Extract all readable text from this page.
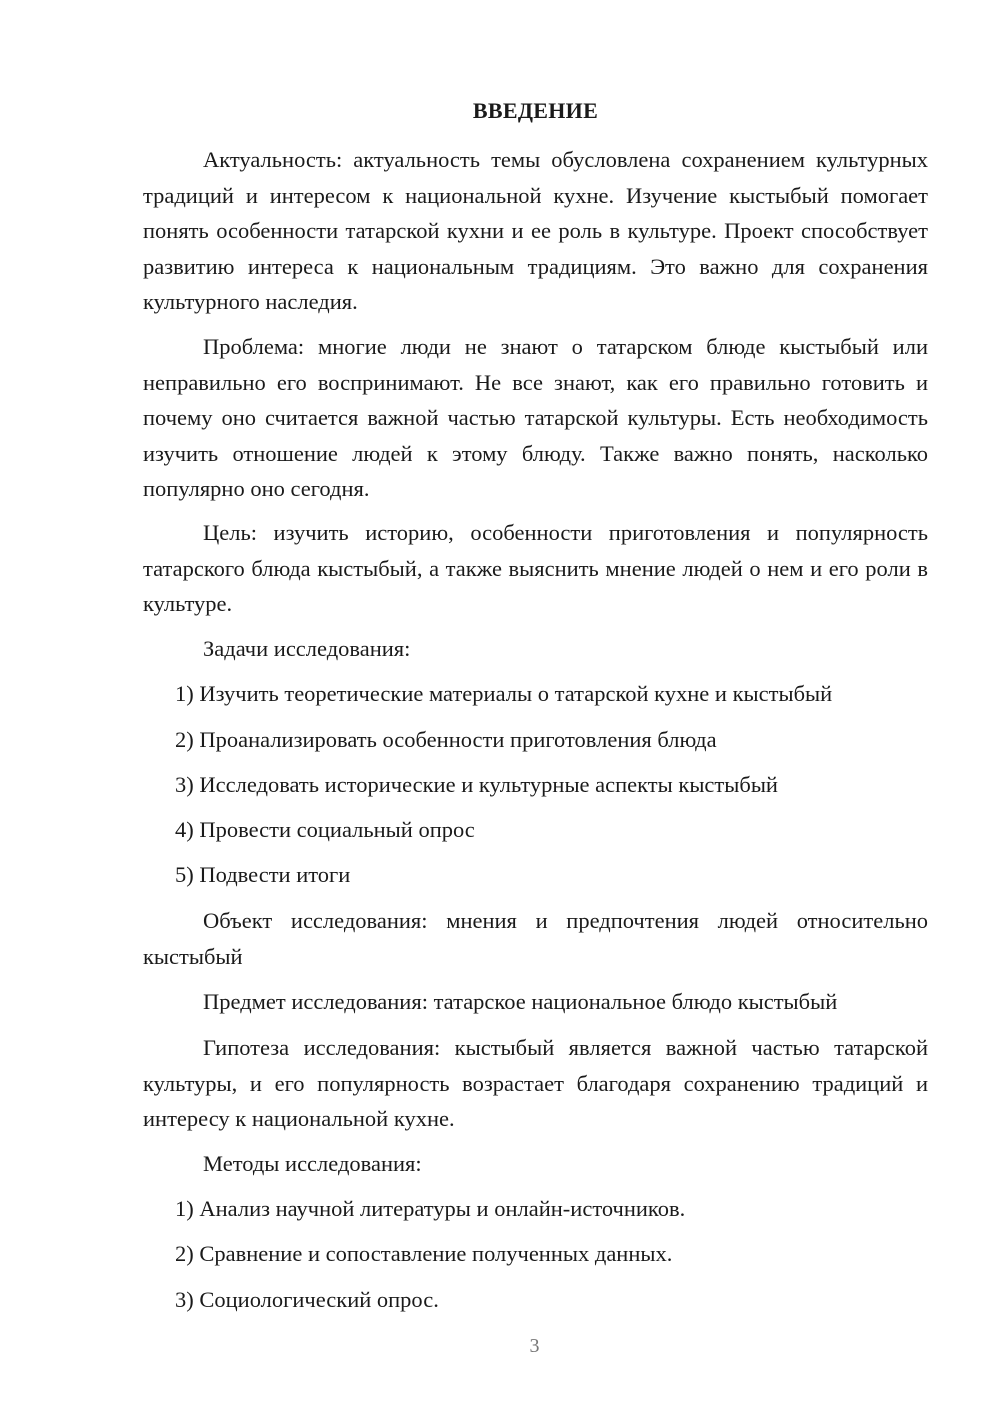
ВВЕДЕНИЕ

Актуальность: актуальность темы обусловлена сохранением культурных традиций и интересом к национальной кухне. Изучение кыстыбый помогает понять особенности татарской кухни и ее роль в культуре. Проект способствует развитию интереса к национальным традициям. Это важно для сохранения культурного наследия.

Проблема: многие люди не знают о татарском блюде кыстыбый или неправильно его воспринимают. Не все знают, как его правильно готовить и почему оно считается важной частью татарской культуры. Есть необходимость изучить отношение людей к этому блюду. Также важно понять, насколько популярно оно сегодня.

Цель: изучить историю, особенности приготовления и популярность татарского блюда кыстыбый, а также выяснить мнение людей о нем и его роли в культуре.

Задачи исследования:

1) Изучить теоретические материалы о татарской кухне и кыстыбый

2) Проанализировать особенности приготовления блюда

3) Исследовать исторические и культурные аспекты кыстыбый

4) Провести социальный опрос

5) Подвести итоги

Объект исследования: мнения и предпочтения людей относительно кыстыбый

Предмет исследования: татарское национальное блюдо кыстыбый

Гипотеза исследования: кыстыбый является важной частью татарской культуры, и его популярность возрастает благодаря сохранению традиций и интересу к национальной кухне.

Методы исследования:

1) Анализ научной литературы и онлайн-источников.

2) Сравнение и сопоставление полученных данных.

3) Социологический опрос.

3
